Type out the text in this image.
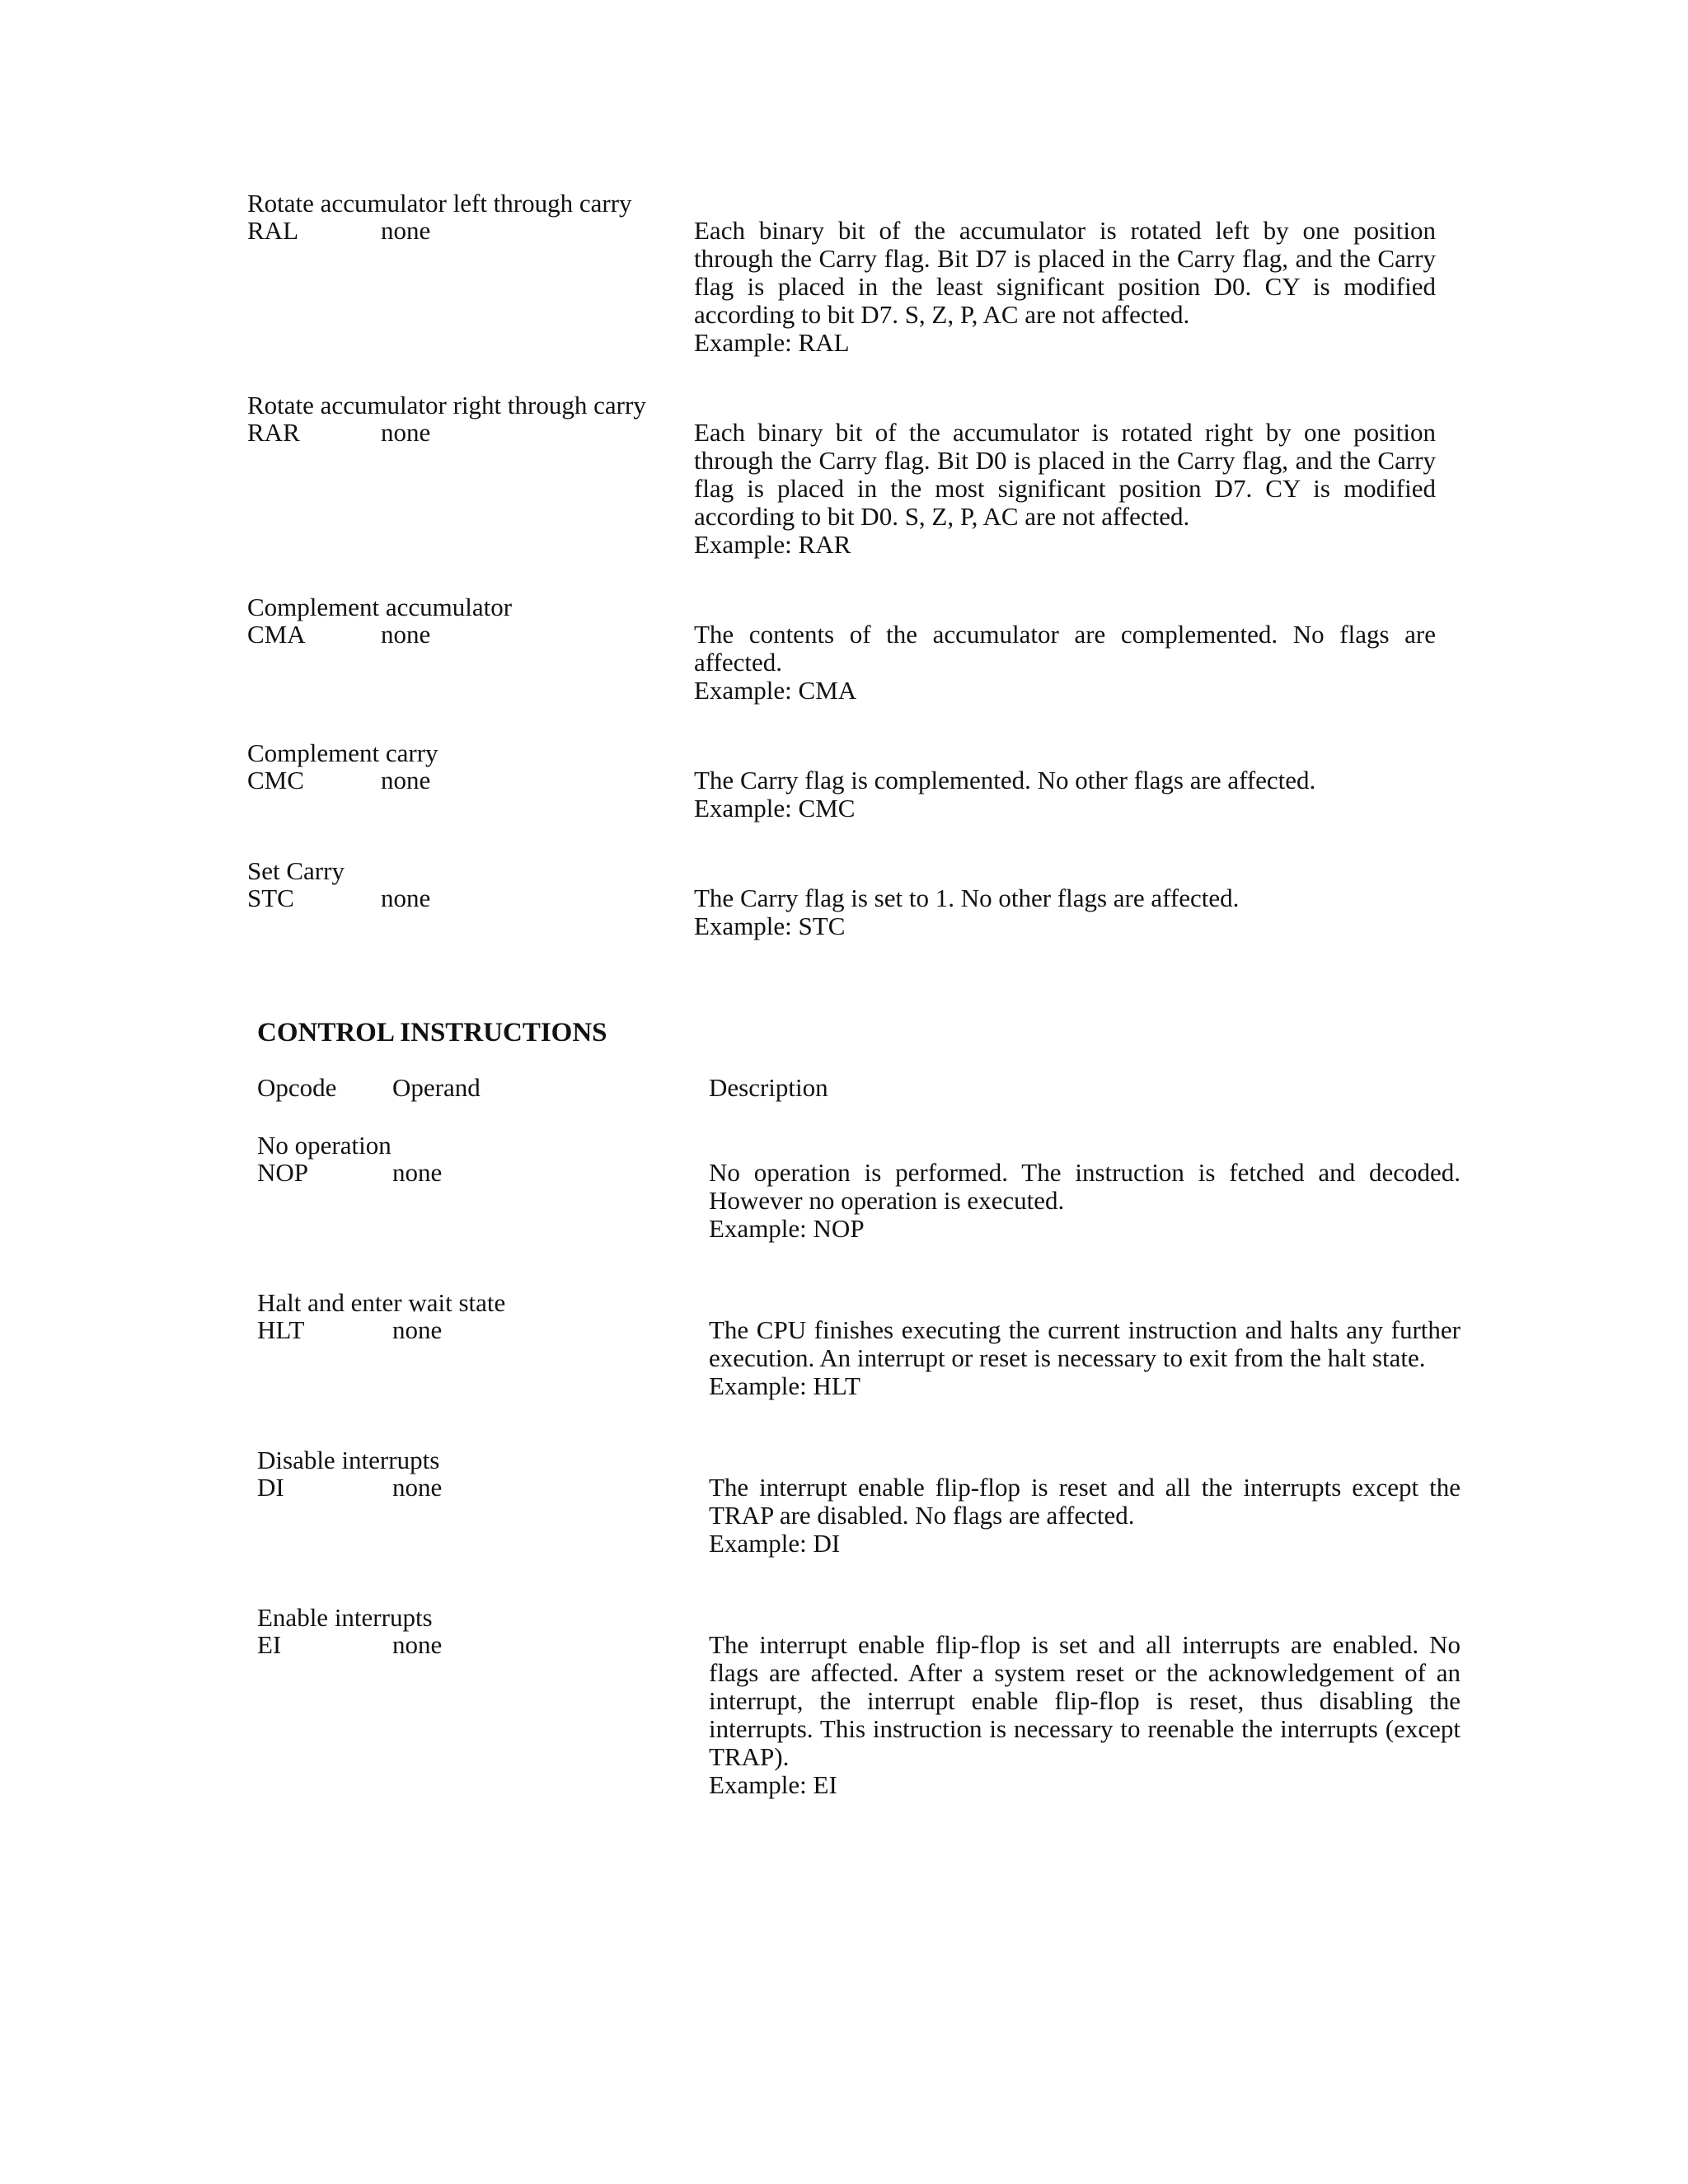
Rotate accumulator left through carry
RAL	none	Each binary bit of the accumulator is rotated left by one position through the Carry flag. Bit D7 is placed in the Carry flag, and the Carry flag is placed in the least significant position D0. CY is modified according to bit D7. S, Z, P, AC are not affected.

Example: RAL

Rotate accumulator right through carry
RAR	none	Each binary bit of the accumulator is rotated right by one position through the Carry flag. Bit D0 is placed in the Carry flag, and the Carry flag is placed in the most significant position D7. CY is modified according to bit D0. S, Z, P, AC are not affected.

Example: RAR

Complement accumulator
CMA	none	The contents of the accumulator are complemented. No flags are affected.

Example: CMA

Complement carry
CMC	none	The Carry flag is complemented. No other flags are affected.

Example: CMC

Set Carry
STC	none	The Carry flag is set to 1. No other flags are affected.

Example: STC

CONTROL INSTRUCTIONS
Opcode Operand	Description
No operation
NOP	none	No operation is performed. The instruction is fetched and decoded. However no operation is executed.

Example: NOP

Halt and enter wait state
HLT	none	The CPU finishes executing the current instruction and halts any further execution. An interrupt or reset is necessary to exit from the halt state.

Example: HLT

Disable interrupts
DI	none	The interrupt enable flip-flop is reset and all the interrupts except the TRAP are disabled. No flags are affected.

Example: DI

Enable interrupts
EI	none	The interrupt enable flip-flop is set and all interrupts are enabled. No flags are affected. After a system reset or the acknowledgement of an interrupt, the interrupt enable flip-flop is reset, thus disabling the interrupts. This instruction is necessary to reenable the interrupts (except TRAP).

Example: EI
